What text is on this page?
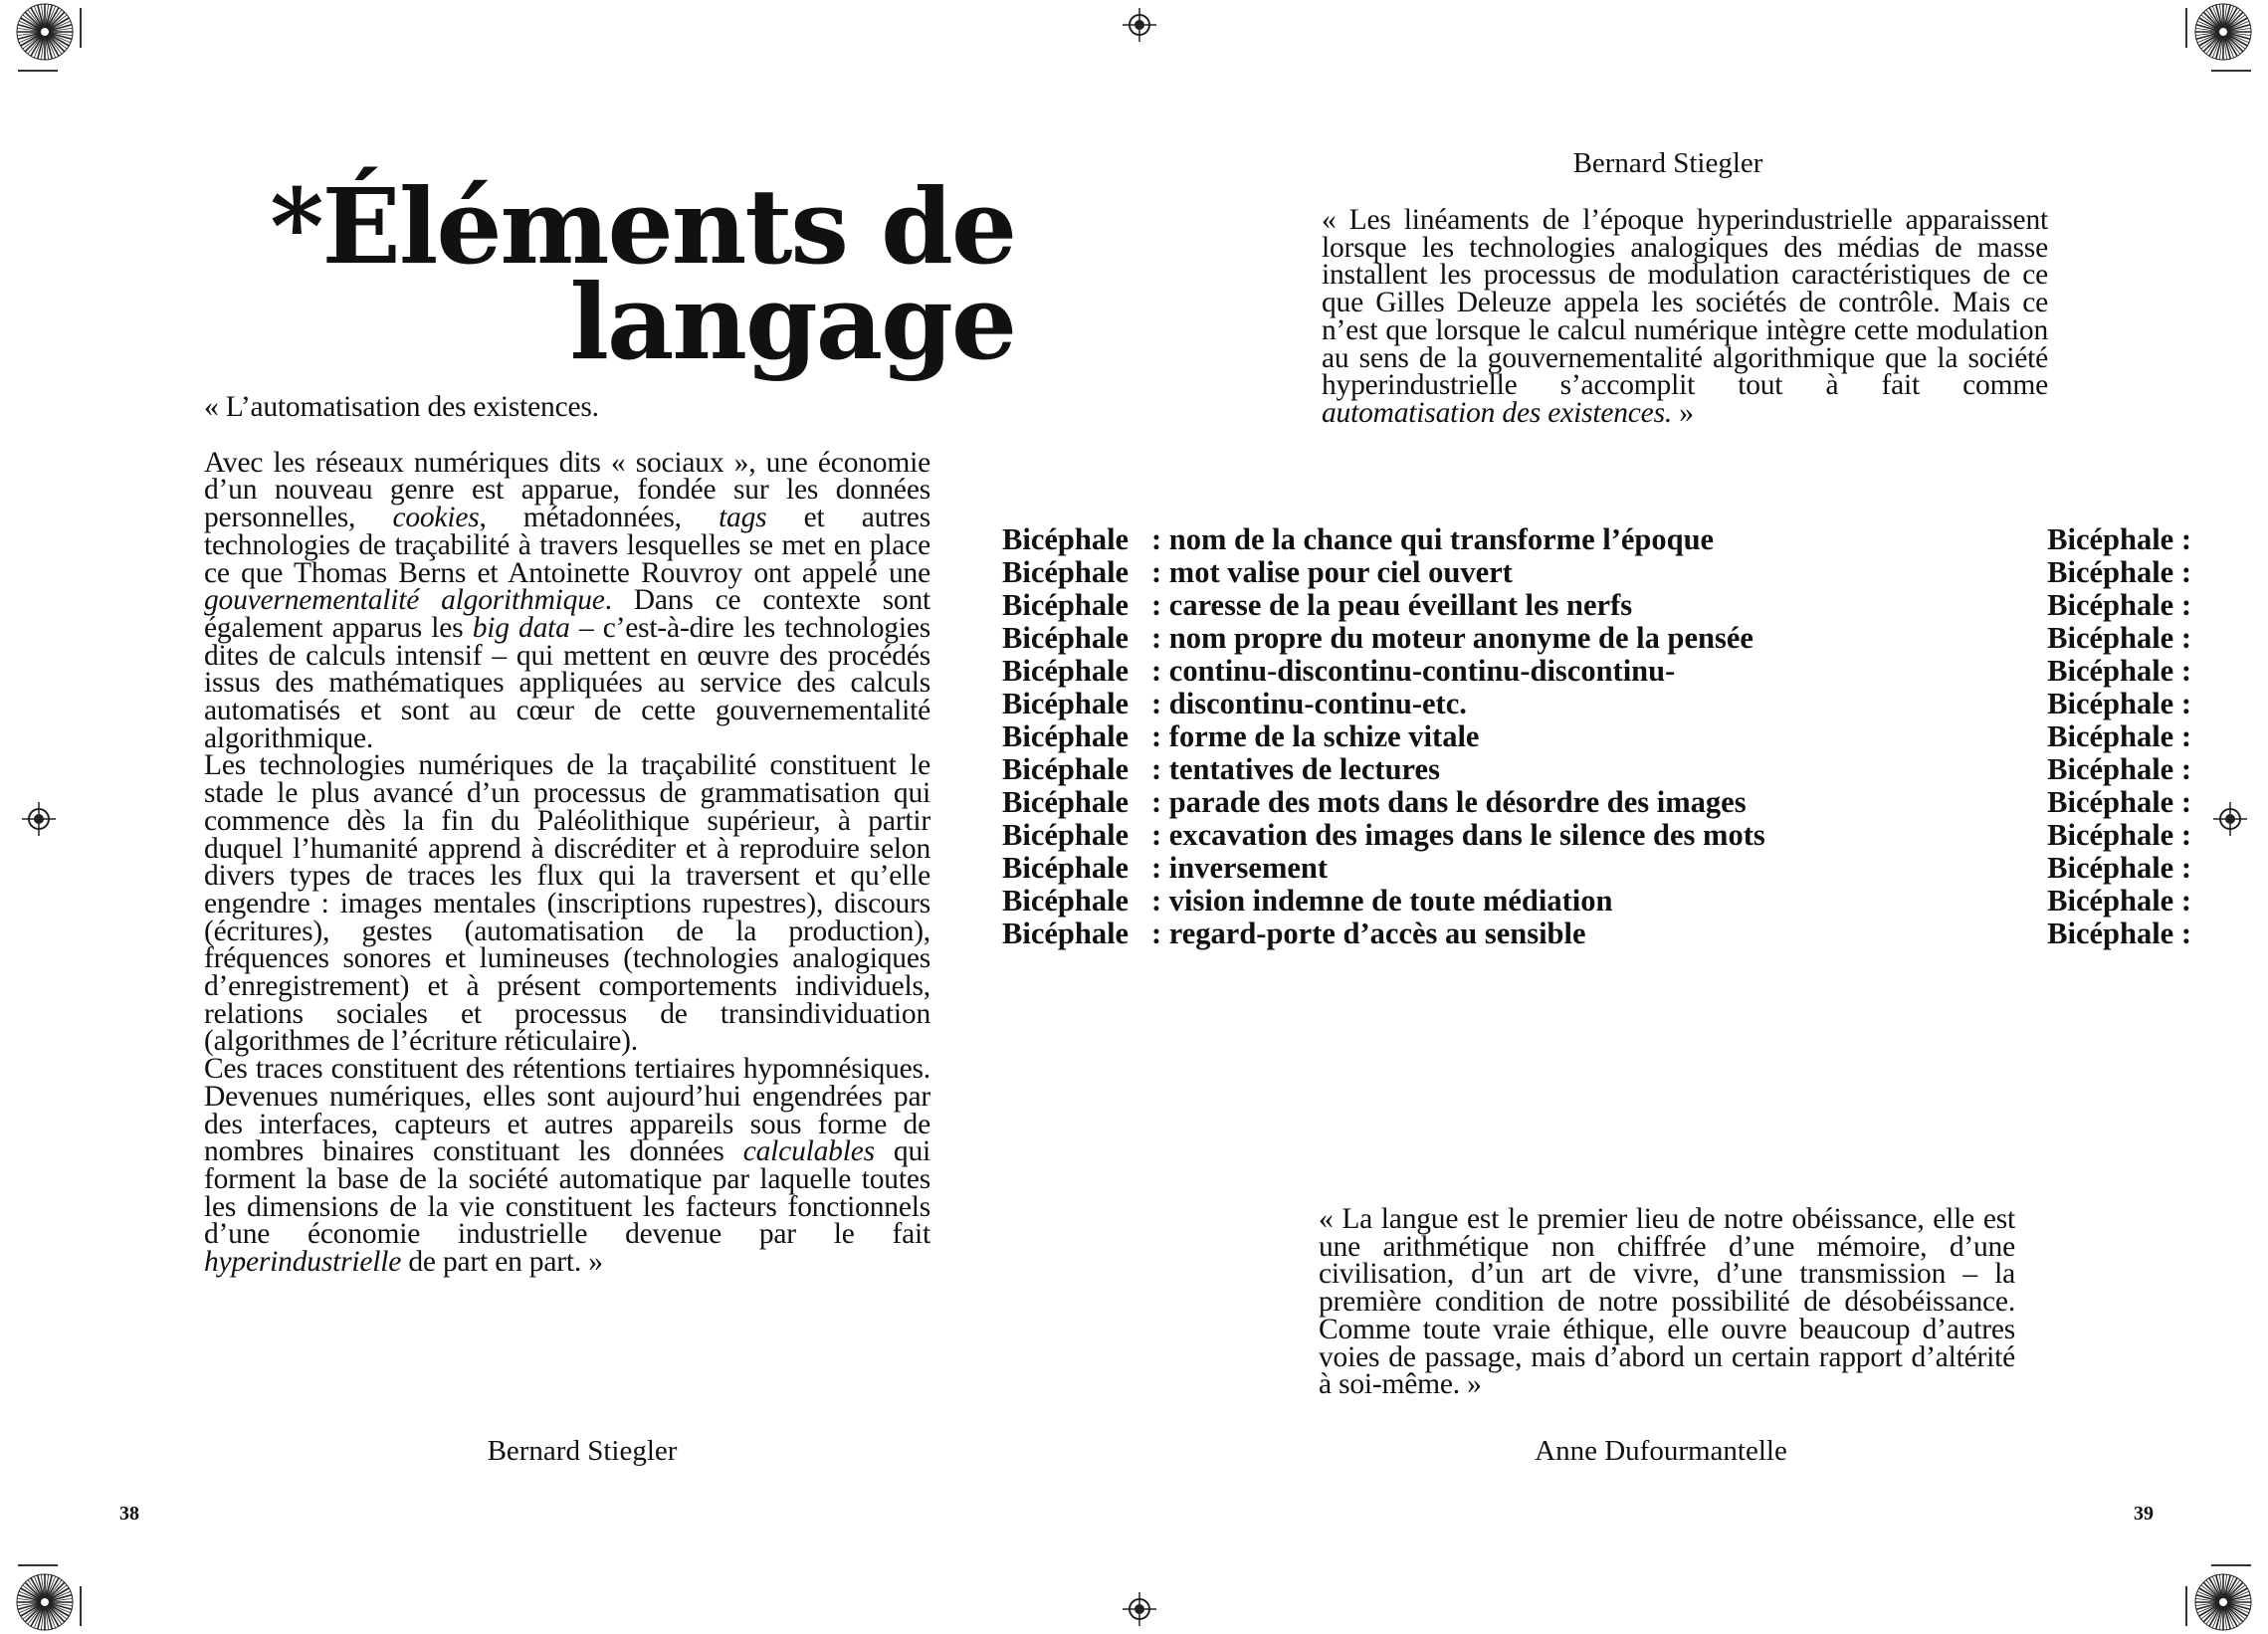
*Éléments de
langage

« L’automatisation des existences.

Avec les réseaux numériques dits « sociaux », une économie d’un nouveau genre est apparue, fondée sur les données personnelles, cookies, métadonnées, tags et autres technologies de traçabilité à travers lesquelles se met en place ce que Thomas Berns et Antoinette Rouvroy ont appelé une gouvernementalité algorithmique. Dans ce contexte sont également apparus les big data – c’est-à-dire les technologies dites de calculs intensif – qui mettent en œuvre des procédés issus des mathématiques appliquées au service des calculs automatisés et sont au cœur de cette gouvernementalité algorithmique.

Les technologies numériques de la traçabilité constituent le stade le plus avancé d’un processus de grammatisation qui commence dès la fin du Paléolithique supérieur, à partir duquel l’humanité apprend à discréditer et à reproduire selon divers types de traces les flux qui la traversent et qu’elle engendre : images mentales (inscriptions rupestres), discours (écritures), gestes (automatisation de la production), fréquences sonores et lumineuses (technologies analogiques d’enregistrement) et à présent comportements individuels, relations sociales et processus de transindividuation (algorithmes de l’écriture réticulaire).

Ces traces constituent des rétentions tertiaires hypomnésiques. Devenues numériques, elles sont aujourd’hui engendrées par des interfaces, capteurs et autres appareils sous forme de nombres binaires constituant les données calculables qui forment la base de la société automatique par laquelle toutes les dimensions de la vie constituent les facteurs fonctionnels d’une économie industrielle devenue par le fait hyperindustrielle de part en part. »

Bernard Stiegler
38
Bernard Stiegler

« Les linéaments de l’époque hyperindustrielle apparaissent lorsque les technologies analogiques des médias de masse installent les processus de modulation caractéristiques de ce que Gilles Deleuze appela les sociétés de contrôle. Mais ce n’est que lorsque le calcul numérique intègre cette modulation au sens de la gouvernementalité algorithmique que la société hyperindustrielle s’accomplit tout à fait comme automatisation des existences. »

« La langue est le premier lieu de notre obéissance, elle est une arithmétique non chiffrée d’une mémoire, d’une civilisation, d’un art de vivre, d’une transmission – la première condition de notre possibilité de désobéissance. Comme toute vraie éthique, elle ouvre beaucoup d’autres voies de passage, mais d’abord un certain rapport d’altérité à soi-même. »

Anne Dufourmantelle
39
Bicéphale : nom de la chance qui transforme l’époque	Bicéphale :
Bicéphale : mot valise pour ciel ouvert	Bicéphale :
Bicéphale : caresse de la peau éveillant les nerfs	Bicéphale :
Bicéphale : nom propre du moteur anonyme de la pensée	Bicéphale :
Bicéphale : continu-discontinu-continu-discontinu-	Bicéphale :
Bicéphale : discontinu-continu-etc.	Bicéphale :
Bicéphale : forme de la schize vitale	Bicéphale :
Bicéphale : tentatives de lectures	Bicéphale :
Bicéphale : parade des mots dans le désordre des images	Bicéphale :
Bicéphale : excavation des images dans le silence des mots	Bicéphale :
Bicéphale : inversement	Bicéphale :
Bicéphale : vision indemne de toute médiation	Bicéphale :
Bicéphale : regard-porte d’accès au sensible	Bicéphale :
